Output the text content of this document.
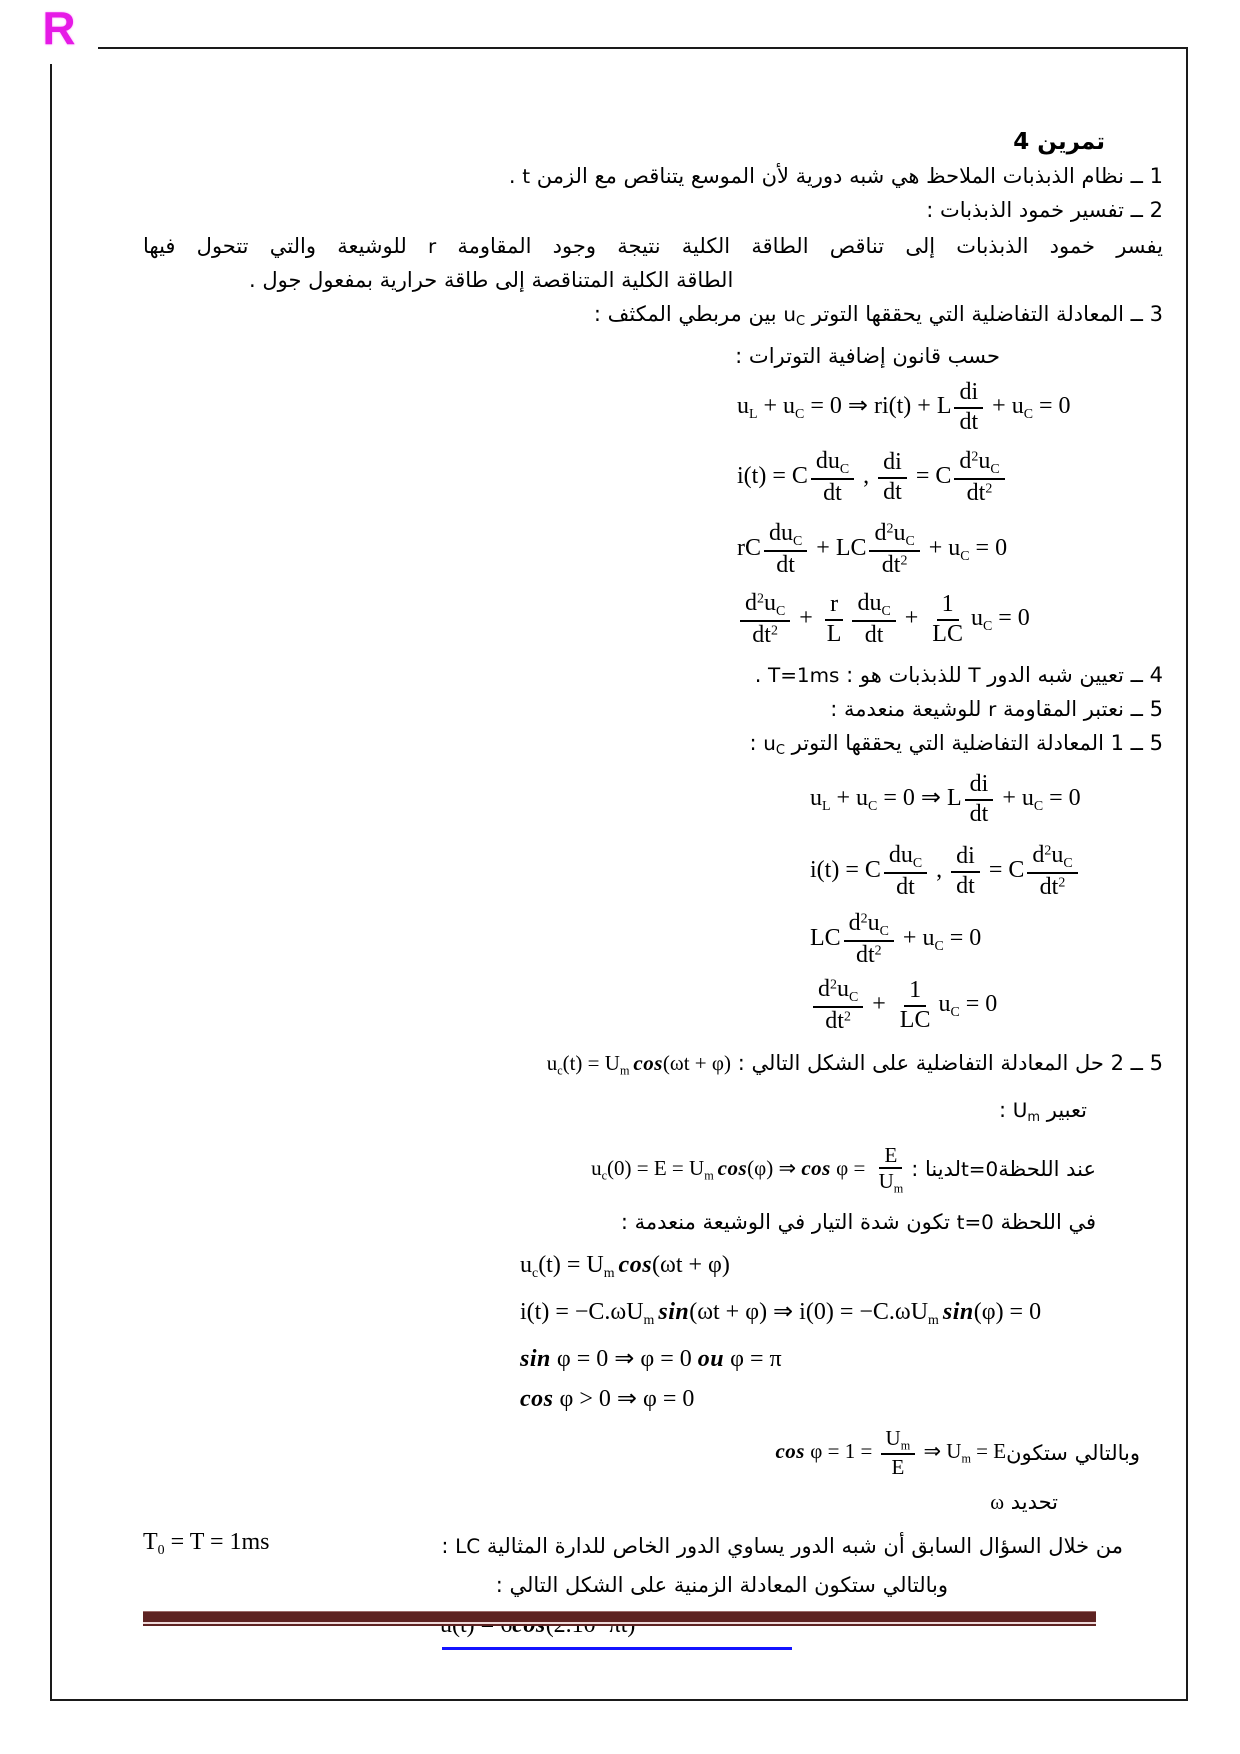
R
تمرين 4
1 ــ نظام الذبذبات الملاحظ هي شبه دورية لأن الموسع يتناقص مع الزمن t .
2 ــ تفسير خمود الذبذبات :
يفسر خمود الذبذبات إلى تناقص الطاقة الكلية نتيجة وجود المقاومة r للوشيعة والتي تتحول فيها
الطاقة الكلية المتناقصة إلى طاقة حرارية بمفعول جول .
3 ــ المعادلة التفاضلية التي يحققها التوتر uC بين مربطي المكثف :
حسب قانون إضافية التوترات :
$u_L + u_C = 0$ ⇒ ri(t) + L $\frac{di}{dt} + u_C = 0$
i(t) = C $\frac{du_C}{dt}$ , $\frac{di}{dt} = C \frac{d^2u_C}{dt^2}$
rC $\frac{du_C}{dt}$ + LC $\frac{d^2u_C}{dt^2} + u_C = 0$
$\frac{d^2u_C}{dt^2} + \frac{r}{L} \frac{du_C}{dt} + \frac{1}{LC} u_C = 0$
4 ــ تعيين شبه الدور T للذبذبات هو : T=1ms .
5 ــ نعتبر المقاومة r للوشيعة منعدمة :
5 ــ 1 المعادلة التفاضلية التي يحققها التوتر uC :
$u_L + u_C = 0$ ⇒ L $\frac{di}{dt} + u_C = 0$
i(t) = C $\frac{du_C}{dt}$ , $\frac{di}{dt} = C \frac{d^2u_C}{dt^2}$
LC $\frac{d^2u_C}{dt^2} + u_C = 0$
$\frac{d^2u_C}{dt^2} + \frac{1}{LC} u_C = 0$
5 ــ 2 حل المعادلة التفاضلية على الشكل التالي : $u_c(t) = U_m$ cos(ωt + φ)
تعبير Um :
عند اللحظة
t=0
لدينا :
$u_c(0) = E = U_m$ cos(φ) ⇒ $\cos \varphi = \frac{E}{U_m}$
في اللحظة t=0 تكون شدة التيار في الوشيعة منعدمة :
$u_c(t) = U_m$ cos(ωt + φ)
$i(t) = -C.\omega U_m$ sin(ωt + φ) ⇒ $i(0) = -C.\omega U_m$ sin(φ) = 0
sin φ = 0 ⇒ φ = 0 ou φ = π
cos φ > 0 ⇒ φ = 0
وبالتالي ستكون
$\cos \varphi = 1 = \frac{U_m}{E}$ ⇒ $U_m = E$
تحديد ω
من خلال السؤال السابق أن شبه الدور يساوي الدور الخاص للدارة المثالية LC :
$T_0 = T = 1ms$
وبالتالي ستكون المعادلة الزمنية على الشكل التالي :
